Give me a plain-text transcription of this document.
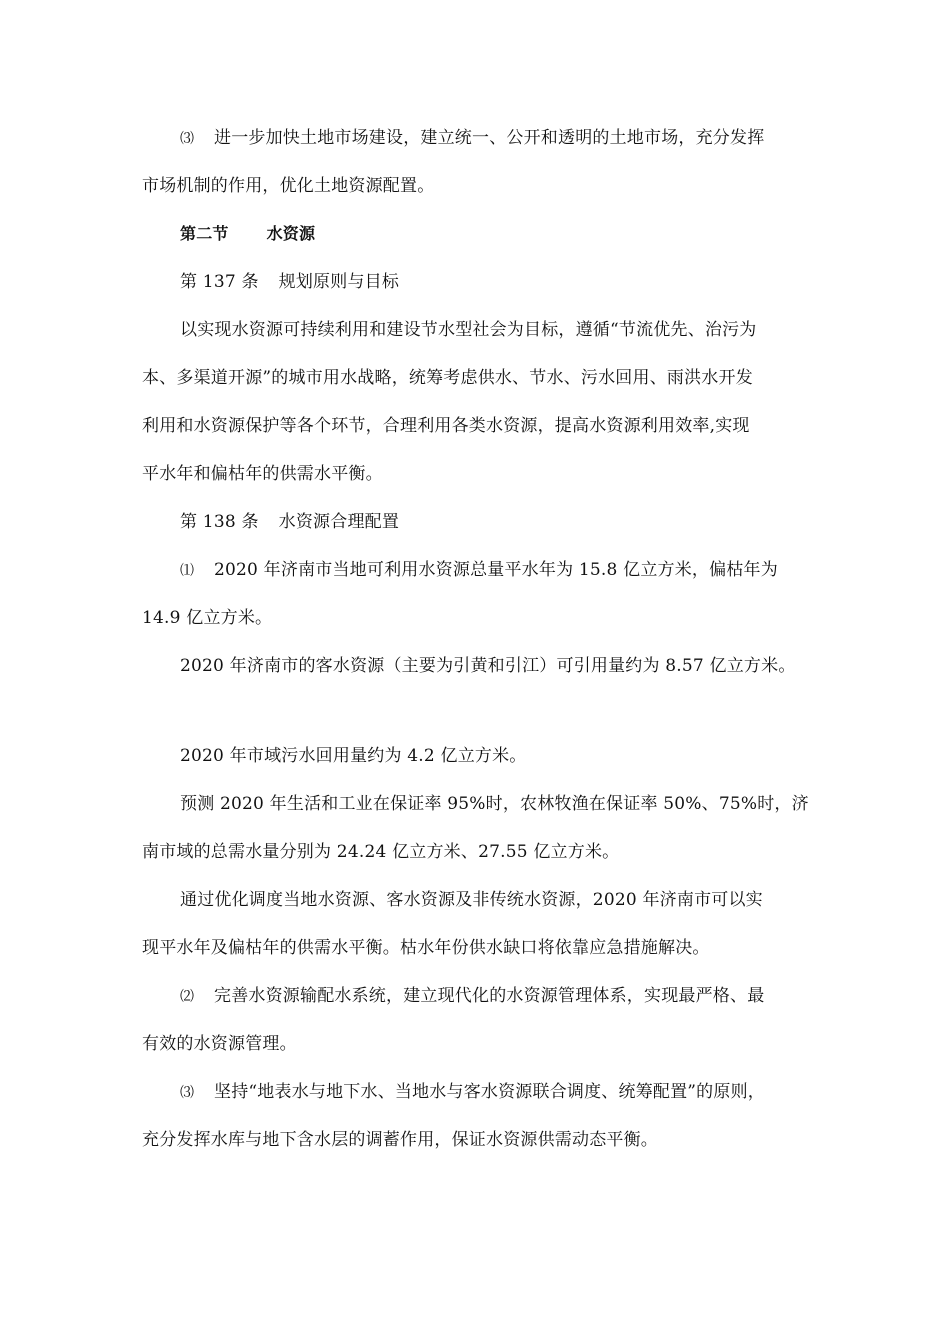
⑶ 进一步加快土地市场建设，建立统一、公开和透明的土地市场，充分发挥
市场机制的作用，优化土地资源配置。
第二节 水资源
第 137 条 规划原则与目标
以实现水资源可持续利用和建设节水型社会为目标，遵循“节流优先、治污为
本、多渠道开源”的城市用水战略，统筹考虑供水、节水、污水回用、雨洪水开发
利用和水资源保护等各个环节，合理利用各类水资源，提高水资源利用效率,实现
平水年和偏枯年的供需水平衡。
第 138 条 水资源合理配置
⑴ 2020 年济南市当地可利用水资源总量平水年为 15.8 亿立方米，偏枯年为
14.9 亿立方米。
2020 年济南市的客水资源（主要为引黄和引江）可引用量约为 8.57 亿立方米。
2020 年市域污水回用量约为 4.2 亿立方米。
预测 2020 年生活和工业在保证率 95%时，农林牧渔在保证率 50%、75%时，济
南市域的总需水量分别为 24.24 亿立方米、27.55 亿立方米。
通过优化调度当地水资源、客水资源及非传统水资源，2020 年济南市可以实
现平水年及偏枯年的供需水平衡。枯水年份供水缺口将依靠应急措施解决。
⑵ 完善水资源输配水系统，建立现代化的水资源管理体系，实现最严格、最
有效的水资源管理。
⑶ 坚持“地表水与地下水、当地水与客水资源联合调度、统筹配置”的原则，
充分发挥水库与地下含水层的调蓄作用，保证水资源供需动态平衡。
